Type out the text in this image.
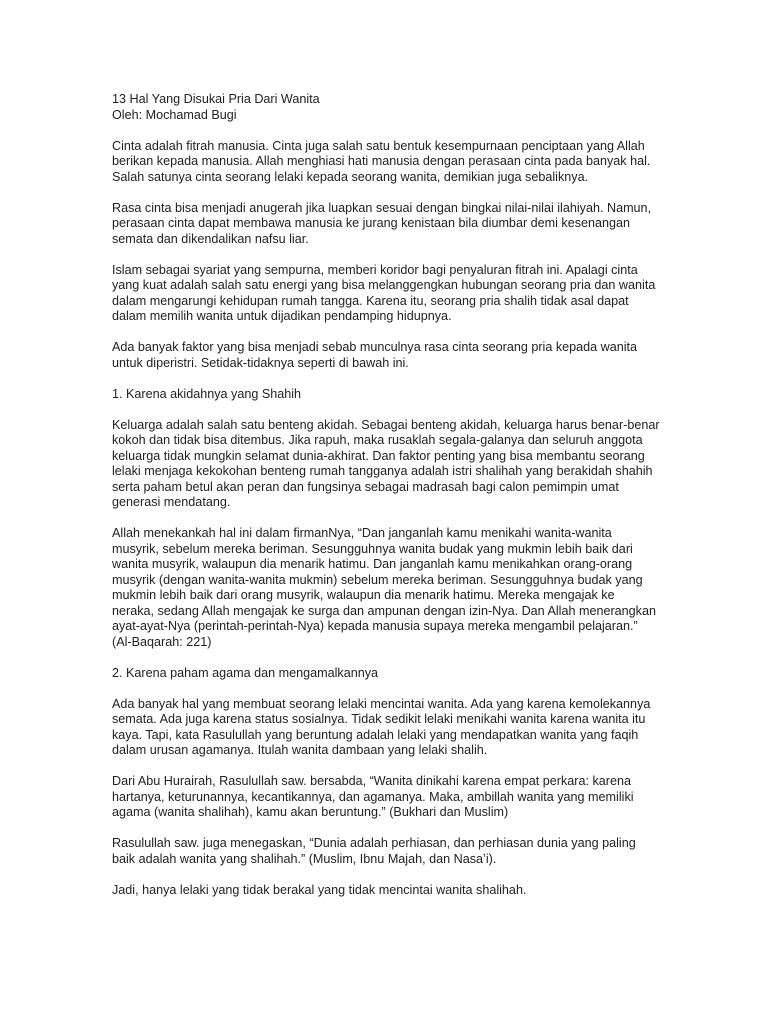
13 Hal Yang Disukai Pria Dari Wanita
Oleh: Mochamad Bugi

Cinta adalah fitrah manusia. Cinta juga salah satu bentuk kesempurnaan penciptaan yang Allah berikan kepada manusia. Allah menghiasi hati manusia dengan perasaan cinta pada banyak hal. Salah satunya cinta seorang lelaki kepada seorang wanita, demikian juga sebaliknya.

Rasa cinta bisa menjadi anugerah jika luapkan sesuai dengan bingkai nilai-nilai ilahiyah. Namun, perasaan cinta dapat membawa manusia ke jurang kenistaan bila diumbar demi kesenangan semata dan dikendalikan nafsu liar.

Islam sebagai syariat yang sempurna, memberi koridor bagi penyaluran fitrah ini. Apalagi cinta yang kuat adalah salah satu energi yang bisa melanggengkan hubungan seorang pria dan wanita dalam mengarungi kehidupan rumah tangga. Karena itu, seorang pria shalih tidak asal dapat dalam memilih wanita untuk dijadikan pendamping hidupnya.

Ada banyak faktor yang bisa menjadi sebab munculnya rasa cinta seorang pria kepada wanita untuk diperistri. Setidak-tidaknya seperti di bawah ini.

1. Karena akidahnya yang Shahih

Keluarga adalah salah satu benteng akidah. Sebagai benteng akidah, keluarga harus benar-benar kokoh dan tidak bisa ditembus. Jika rapuh, maka rusaklah segala-galanya dan seluruh anggota keluarga tidak mungkin selamat dunia-akhirat. Dan faktor penting yang bisa membantu seorang lelaki menjaga kekokohan benteng rumah tangganya adalah istri shalihah yang berakidah shahih serta paham betul akan peran dan fungsinya sebagai madrasah bagi calon pemimpin umat generasi mendatang.

Allah menekankah hal ini dalam firmanNya, “Dan janganlah kamu menikahi wanita-wanita musyrik, sebelum mereka beriman. Sesungguhnya wanita budak yang mukmin lebih baik dari wanita musyrik, walaupun dia menarik hatimu. Dan janganlah kamu menikahkan orang-orang musyrik (dengan wanita-wanita mukmin) sebelum mereka beriman. Sesungguhnya budak yang mukmin lebih baik dari orang musyrik, walaupun dia menarik hatimu. Mereka mengajak ke neraka, sedang Allah mengajak ke surga dan ampunan dengan izin-Nya. Dan Allah menerangkan ayat-ayat-Nya (perintah-perintah-Nya) kepada manusia supaya mereka mengambil pelajaran.” (Al-Baqarah: 221)

2. Karena paham agama dan mengamalkannya

Ada banyak hal yang membuat seorang lelaki mencintai wanita. Ada yang karena kemolekannya semata. Ada juga karena status sosialnya. Tidak sedikit lelaki menikahi wanita karena wanita itu kaya. Tapi, kata Rasulullah yang beruntung adalah lelaki yang mendapatkan wanita yang faqih dalam urusan agamanya. Itulah wanita dambaan yang lelaki shalih.

Dari Abu Hurairah, Rasulullah saw. bersabda, “Wanita dinikahi karena empat perkara: karena hartanya, keturunannya, kecantikannya, dan agamanya. Maka, ambillah wanita yang memiliki agama (wanita shalihah), kamu akan beruntung.” (Bukhari dan Muslim)

Rasulullah saw. juga menegaskan, “Dunia adalah perhiasan, dan perhiasan dunia yang paling baik adalah wanita yang shalihah.” (Muslim, Ibnu Majah, dan Nasa’i).

Jadi, hanya lelaki yang tidak berakal yang tidak mencintai wanita shalihah.
